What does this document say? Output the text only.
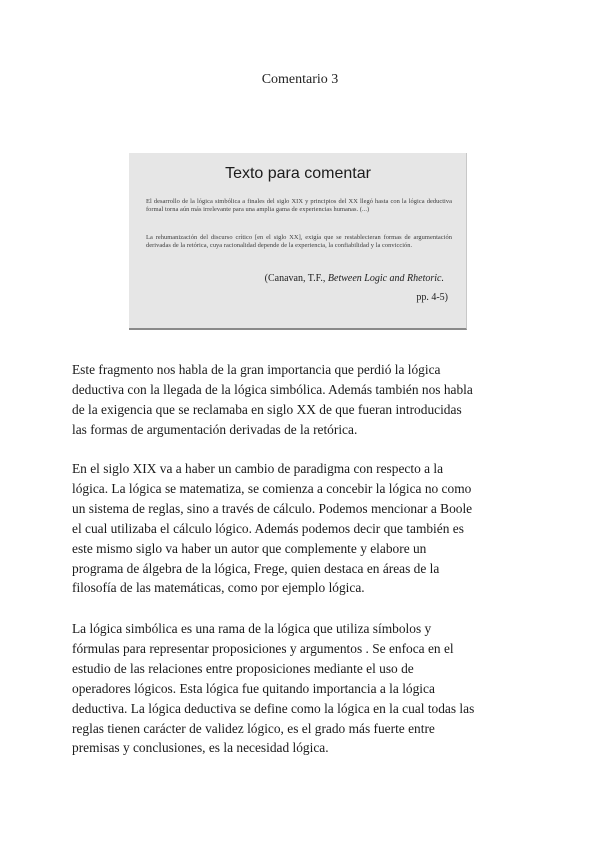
Comentario 3
Texto para comentar
El desarrollo de la lógica simbólica a finales del siglo XIX y principios del XX llegó hasta con la lógica deductiva formal torna aún más irrelevante para una amplia gama de experiencias humanas. (...)
La rehumanización del discurso crítico [en el siglo XX], exigía que se restablecieran formas de argumentación derivadas de la retórica, cuya racionalidad depende de la experiencia, la confiabilidad y la convicción.
(Canavan, T.F., Between Logic and Rhetoric.
pp. 4-5)
Este fragmento nos habla de la gran importancia que perdió la lógica
deductiva con la llegada de la lógica simbólica. Además también nos habla
de la exigencia que se reclamaba en siglo XX de que fueran introducidas
las formas de argumentación derivadas de la retórica.
En el siglo XIX va a haber un cambio de paradigma con respecto a la
lógica. La lógica se matematiza, se comienza a concebir la lógica no como
un sistema de reglas, sino a través de cálculo. Podemos mencionar a Boole
el cual utilizaba el cálculo lógico. Además podemos decir que también es
este mismo siglo va haber un autor que complemente y elabore un
programa de álgebra de la lógica, Frege, quien destaca en áreas de la
filosofía de las matemáticas, como por ejemplo lógica.
La lógica simbólica es una rama de la lógica que utiliza símbolos y
fórmulas para representar proposiciones y argumentos . Se enfoca en el
estudio de las relaciones entre proposiciones mediante el uso de
operadores lógicos. Esta lógica fue quitando importancia a la lógica
deductiva. La lógica deductiva se define como la lógica en la cual todas las
reglas tienen carácter de validez lógico, es el grado más fuerte entre
premisas y conclusiones, es la necesidad lógica.
